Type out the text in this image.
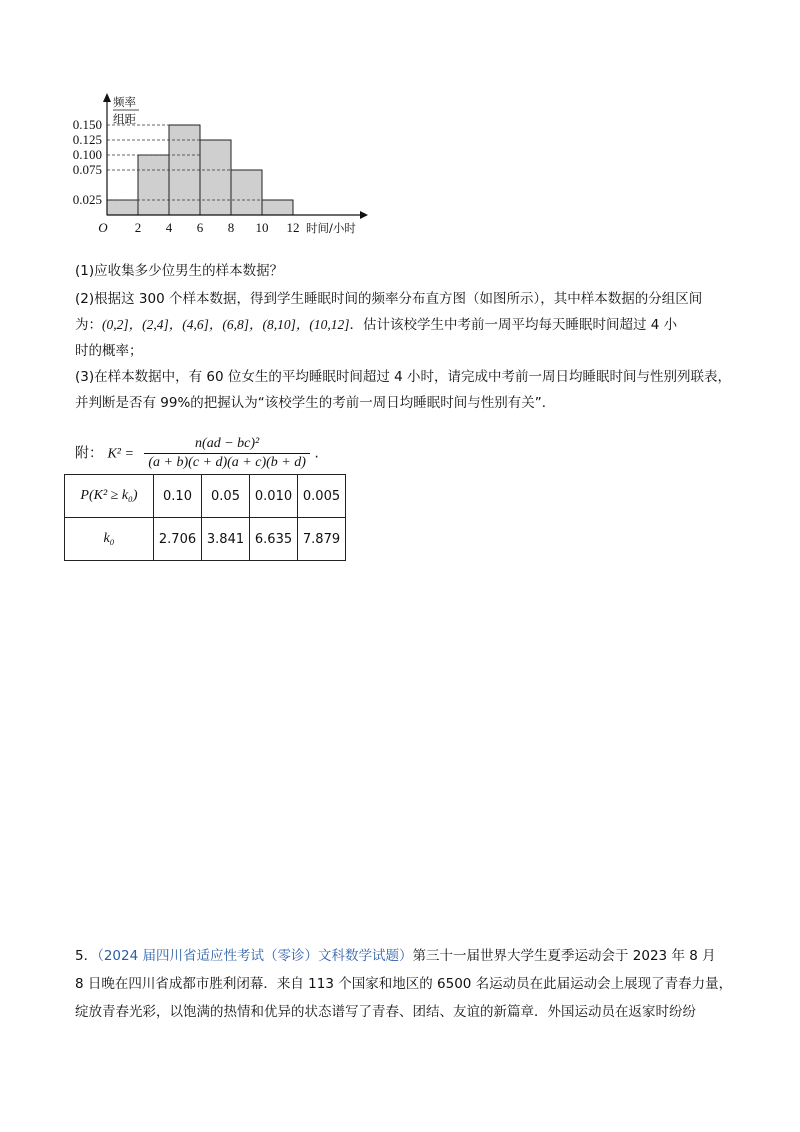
0.025
0.075
0.100
0.125
0.150
2 4 6 8 10 12
O	时间/小时
频率
组距
(1)应收集多少位男生的样本数据？
(2)根据这 300 个样本数据，得到学生睡眠时间的频率分布直方图（如图所示），其中样本数据的分组区间
为：(0,2]，(2,4]，(4,6]，(6,8]，(8,10]，(10,12]．估计该校学生中考前一周平均每天睡眠时间超过 4 小
时的概率；
(3)在样本数据中，有 60 位女生的平均睡眠时间超过 4 小时，请完成中考前一周日均睡眠时间与性别列联表，
并判断是否有 99%的把握认为“该校学生的考前一周日均睡眠时间与性别有关”．
附： $K^2 = \frac{\text{n(ad − bc)²}}{(a + b)(c + d)(a + c)(b + d)}$ .
P(K² ≥ k₀)	0.10	0.05	0.010	0.005
k₀	2.706	3.841	6.635	7.879
5．（2024 届四川省适应性考试（零诊）文科数学试题）第三十一届世界大学生夏季运动会于 2023 年 8 月
8 日晚在四川省成都市胜利闭幕．来自 113 个国家和地区的 6500 名运动员在此届运动会上展现了青春力量，
绽放青春光彩，以饱满的热情和优异的状态谱写了青春、团结、友谊的新篇章．外国运动员在返家时纷纷
